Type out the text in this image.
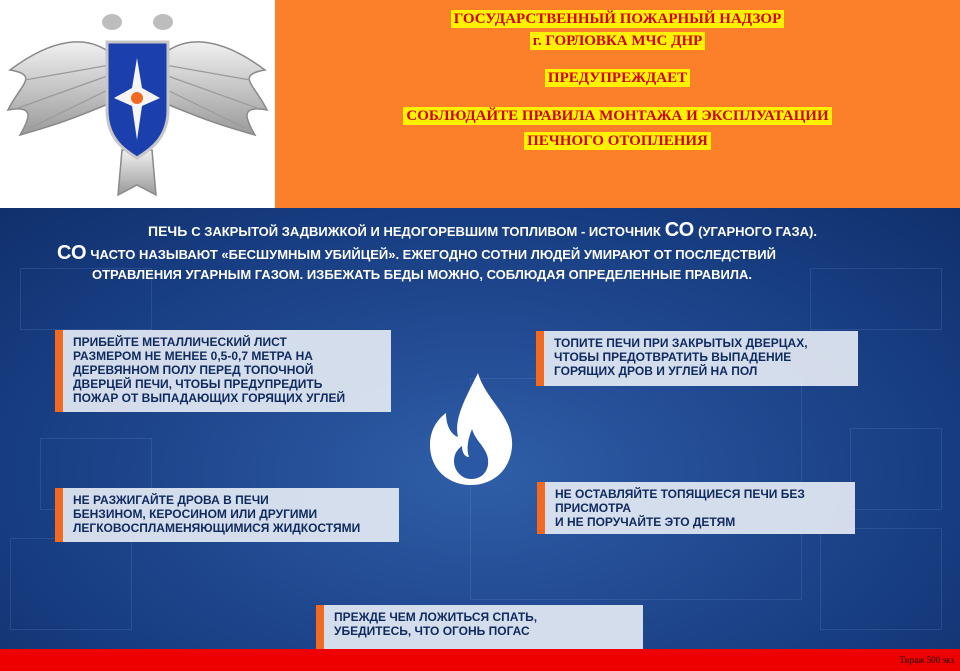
ГОСУДАРСТВЕННЫЙ ПОЖАРНЫЙ НАДЗОР
г. ГОРЛОВКА МЧС ДНР
ПРЕДУПРЕЖДАЕТ
СОБЛЮДАЙТЕ ПРАВИЛА МОНТАЖА И ЭКСПЛУАТАЦИИ
ПЕЧНОГО ОТОПЛЕНИЯ
ПЕЧЬ С ЗАКРЫТОЙ ЗАДВИЖКОЙ И НЕДОГОРЕВШИМ ТОПЛИВОМ - ИСТОЧНИК СО (УГАРНОГО ГАЗА).
СО ЧАСТО НАЗЫВАЮТ «БЕСШУМНЫМ УБИЙЦЕЙ». ЕЖЕГОДНО СОТНИ ЛЮДЕЙ УМИРАЮТ ОТ ПОСЛЕДСТВИЙ
ОТРАВЛЕНИЯ УГАРНЫМ ГАЗОМ. ИЗБЕЖАТЬ БЕДЫ МОЖНО, СОБЛЮДАЯ ОПРЕДЕЛЕННЫЕ ПРАВИЛА.
ПРИБЕЙТЕ МЕТАЛЛИЧЕСКИЙ ЛИСТ
РАЗМЕРОМ НЕ МЕНЕЕ 0,5-0,7 МЕТРА НА
ДЕРЕВЯННОМ ПОЛУ ПЕРЕД ТОПОЧНОЙ
ДВЕРЦЕЙ ПЕЧИ, ЧТОБЫ ПРЕДУПРЕДИТЬ
ПОЖАР ОТ ВЫПАДАЮЩИХ ГОРЯЩИХ УГЛЕЙ
ТОПИТЕ ПЕЧИ ПРИ ЗАКРЫТЫХ ДВЕРЦАХ,
ЧТОБЫ ПРЕДОТВРАТИТЬ ВЫПАДЕНИЕ
ГОРЯЩИХ ДРОВ И УГЛЕЙ НА ПОЛ
НЕ РАЗЖИГАЙТЕ ДРОВА В ПЕЧИ
БЕНЗИНОМ, КЕРОСИНОМ ИЛИ ДРУГИМИ
ЛЕГКОВОСПЛАМЕНЯЮЩИМИСЯ ЖИДКОСТЯМИ
НЕ ОСТАВЛЯЙТЕ ТОПЯЩИЕСЯ ПЕЧИ БЕЗ
ПРИСМОТРА
И НЕ ПОРУЧАЙТЕ ЭТО ДЕТЯМ
ПРЕЖДЕ ЧЕМ ЛОЖИТЬСЯ СПАТЬ,
УБЕДИТЕСЬ, ЧТО ОГОНЬ ПОГАС
Тираж 500 экз
